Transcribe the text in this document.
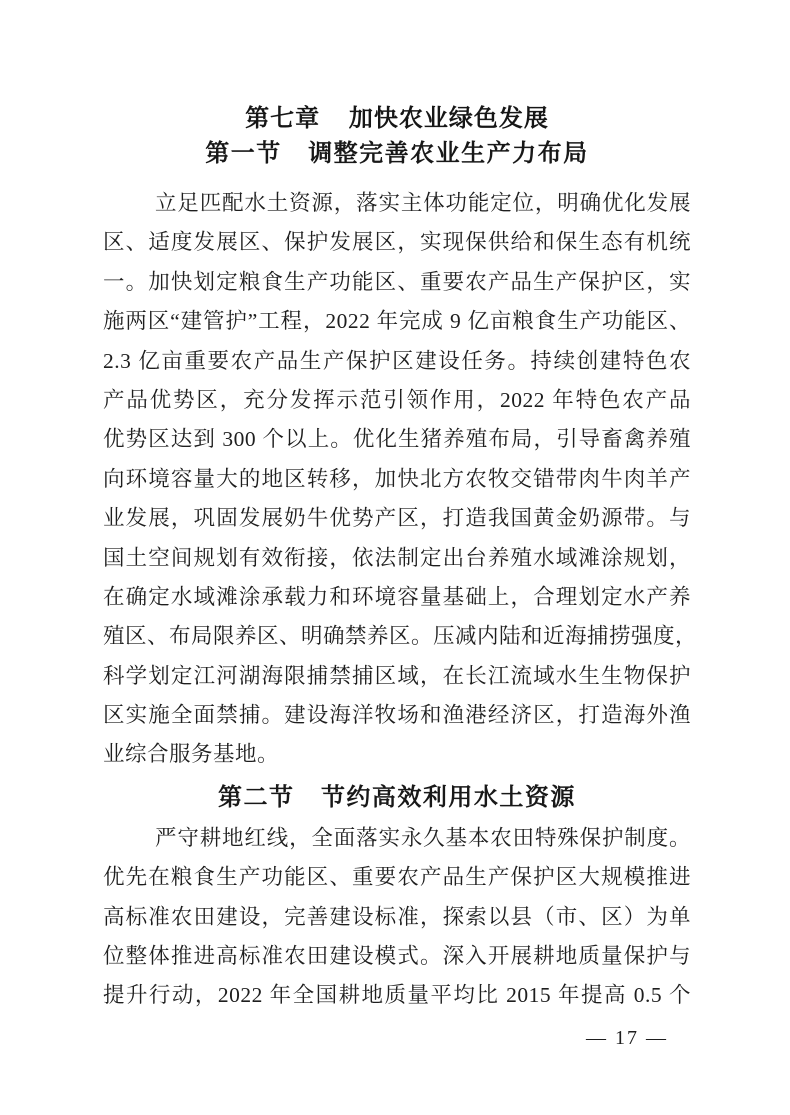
第七章 加快农业绿色发展
第一节 调整完善农业生产力布局
立足匹配水土资源，落实主体功能定位，明确优化发展
区、适度发展区、保护发展区，实现保供给和保生态有机统
一。加快划定粮食生产功能区、重要农产品生产保护区，实
施两区“建管护”工程，2022 年完成 9 亿亩粮食生产功能区、
2.3 亿亩重要农产品生产保护区建设任务。持续创建特色农
产品优势区，充分发挥示范引领作用，2022 年特色农产品
优势区达到 300 个以上。优化生猪养殖布局，引导畜禽养殖
向环境容量大的地区转移，加快北方农牧交错带肉牛肉羊产
业发展，巩固发展奶牛优势产区，打造我国黄金奶源带。与
国土空间规划有效衔接，依法制定出台养殖水域滩涂规划，
在确定水域滩涂承载力和环境容量基础上，合理划定水产养
殖区、布局限养区、明确禁养区。压减内陆和近海捕捞强度，
科学划定江河湖海限捕禁捕区域，在长江流域水生生物保护
区实施全面禁捕。建设海洋牧场和渔港经济区，打造海外渔
业综合服务基地。
第二节 节约高效利用水土资源
严守耕地红线，全面落实永久基本农田特殊保护制度。
优先在粮食生产功能区、重要农产品生产保护区大规模推进
高标准农田建设，完善建设标准，探索以县（市、区）为单
位整体推进高标准农田建设模式。深入开展耕地质量保护与
提升行动，2022 年全国耕地质量平均比 2015 年提高 0.5 个
— 17 —
